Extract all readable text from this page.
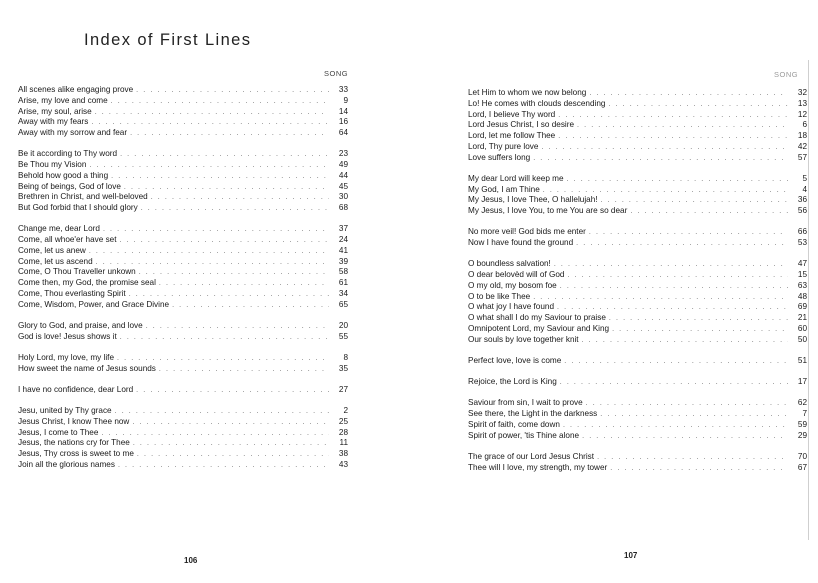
Index of First Lines
SONG
All scenes alike engaging prove . . .	33
Arise, my love and come . . .	9
Arise, my soul, arise . . .	14
Away with my fears . . .	16
Away with my sorrow and fear . . .	64
Be it according to Thy word . . .	23
Be Thou my Vision . . .	49
Behold how good a thing . . .	44
Being of beings, God of love . . .	45
Brethren in Christ, and well-beloved . . .	30
But God forbid that I should glory . . .	68
Change me, dear Lord . . .	37
Come, all whoe'er have set . . .	24
Come, let us anew . . .	41
Come, let us ascend . . .	39
Come, O Thou Traveller unkown . . .	58
Come then, my God, the promise seal . . .	61
Come, Thou everlasting Spirit . . .	34
Come, Wisdom, Power, and Grace Divine . . .	65
Glory to God, and praise, and love . . .	20
God is love! Jesus shows it . . .	55
Holy Lord, my love, my life . . .	8
How sweet the name of Jesus sounds . . .	35
I have no confidence, dear Lord . . .	27
Jesu, united by Thy grace . . .	2
Jesus Christ, I know Thee now . . .	25
Jesus, I come to Thee . . .	28
Jesus, the nations cry for Thee . . .	11
Jesus, Thy cross is sweet to me . . .	38
Join all the glorious names . . .	43
106
SONG
Let Him to whom we now belong . . .	32
Lo! He comes with clouds descending . . .	13
Lord, I believe Thy word . . .	12
Lord Jesus Christ, I so desire . . .	6
Lord, let me follow Thee . . .	18
Lord, Thy pure love . . .	42
Love suffers long . . .	57
My dear Lord will keep me . . .	5
My God, I am Thine . . .	4
My Jesus, I love Thee, O hallelujah! . . .	36
My Jesus, I love You, to me You are so dear . . .	56
No more veil! God bids me enter . . .	66
Now I have found the ground . . .	53
O boundless salvation! . . .	47
O dear belovèd will of God . . .	15
O my old, my bosom foe . . .	63
O to be like Thee . . .	48
O what joy I have found . . .	69
O what shall I do my Saviour to praise . . .	21
Omnipotent Lord, my Saviour and King . . .	60
Our souls by love together knit . . .	50
Perfect love, love is come . . .	51
Rejoice, the Lord is King . . .	17
Saviour from sin, I wait to prove . . .	62
See there, the Light in the darkness . . .	7
Spirit of faith, come down . . .	59
Spirit of power, 'tis Thine alone . . .	29
The grace of our Lord Jesus Christ . . .	70
Thee will I love, my strength, my tower . . .	67
107
